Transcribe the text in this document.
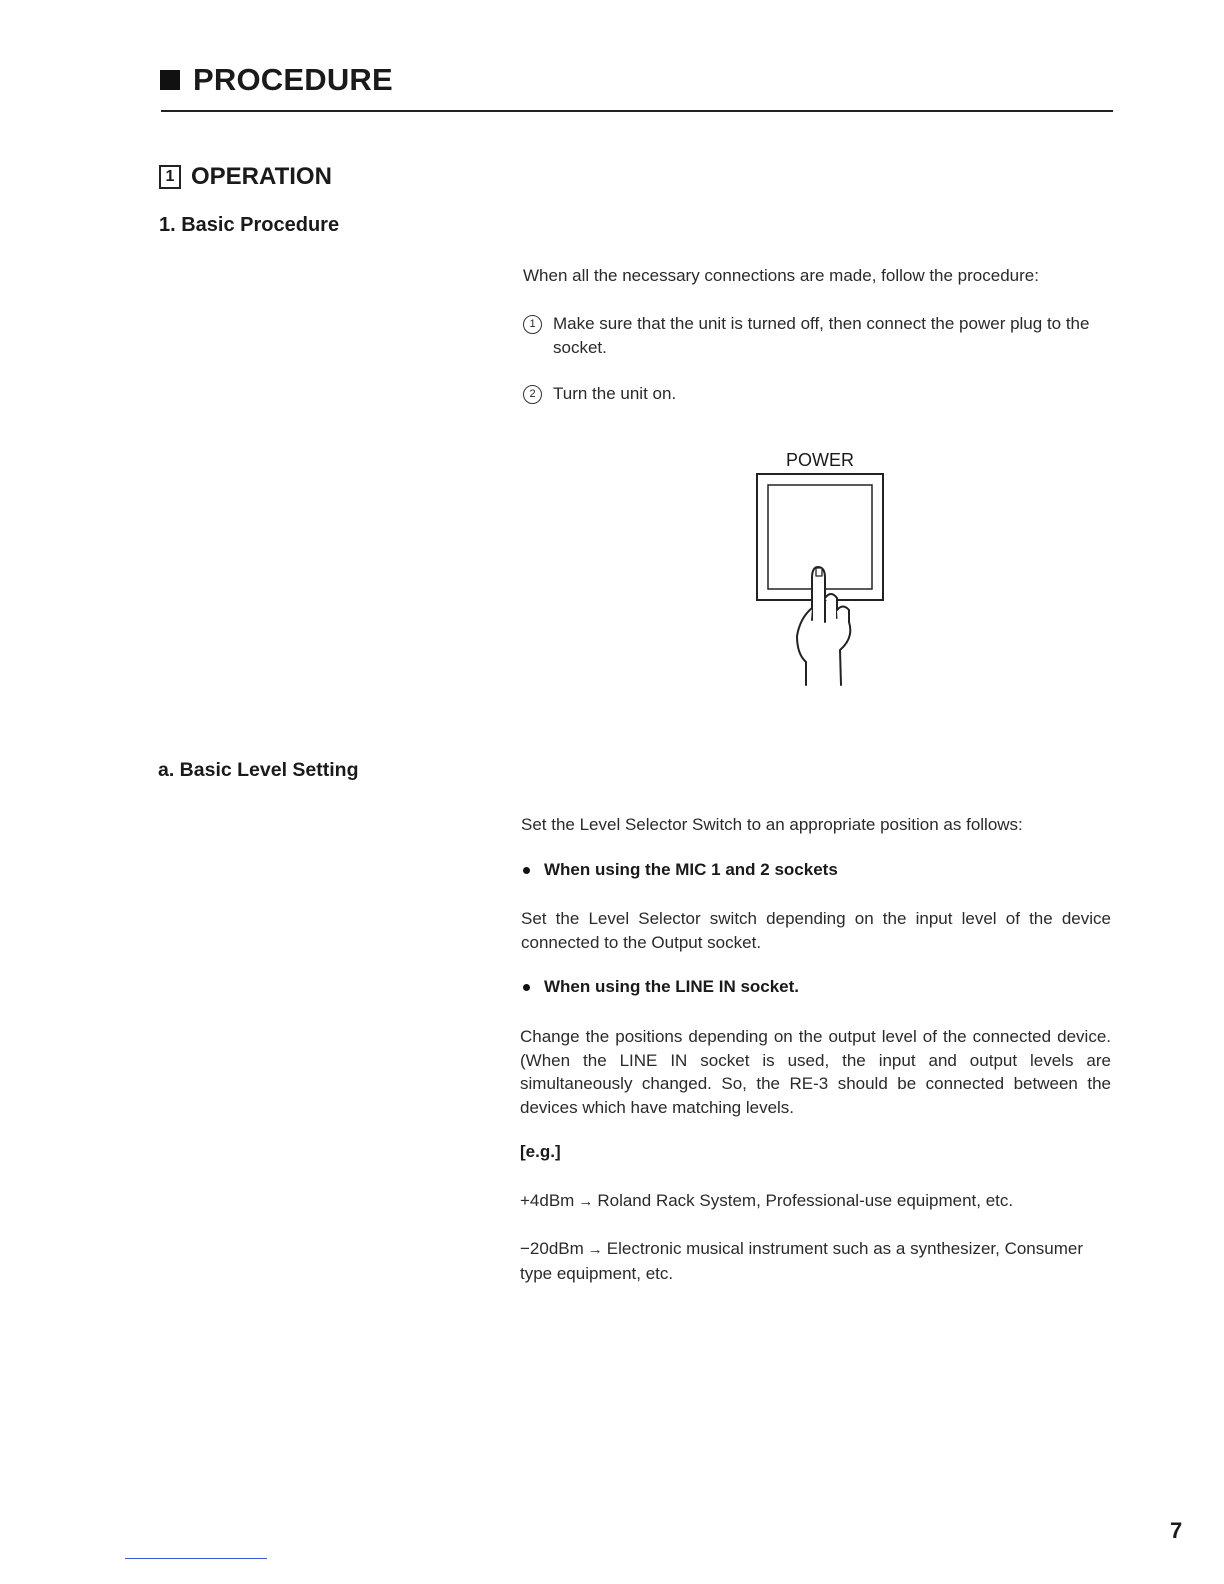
PROCEDURE
1 OPERATION
1. Basic Procedure
When all the necessary connections are made, follow the procedure:
1	Make sure that the unit is turned off, then connect the power plug to the socket.
2	Turn the unit on.
POWER
a. Basic Level Setting
Set the Level Selector Switch to an appropriate position as follows:
When using the MIC 1 and 2 sockets
Set the Level Selector switch depending on the input level of the device connected to the Output socket.
When using the LINE IN socket.
Change the positions depending on the output level of the connected device. (When the LINE IN socket is used, the input and output levels are simultaneously changed. So, the RE-3 should be connected between the devices which have matching levels.
[e.g.]
+4dBm → Roland Rack System, Professional-use equipment, etc.
−20dBm → Electronic musical instrument such as a synthesizer, Consumer type equipment, etc.
7
